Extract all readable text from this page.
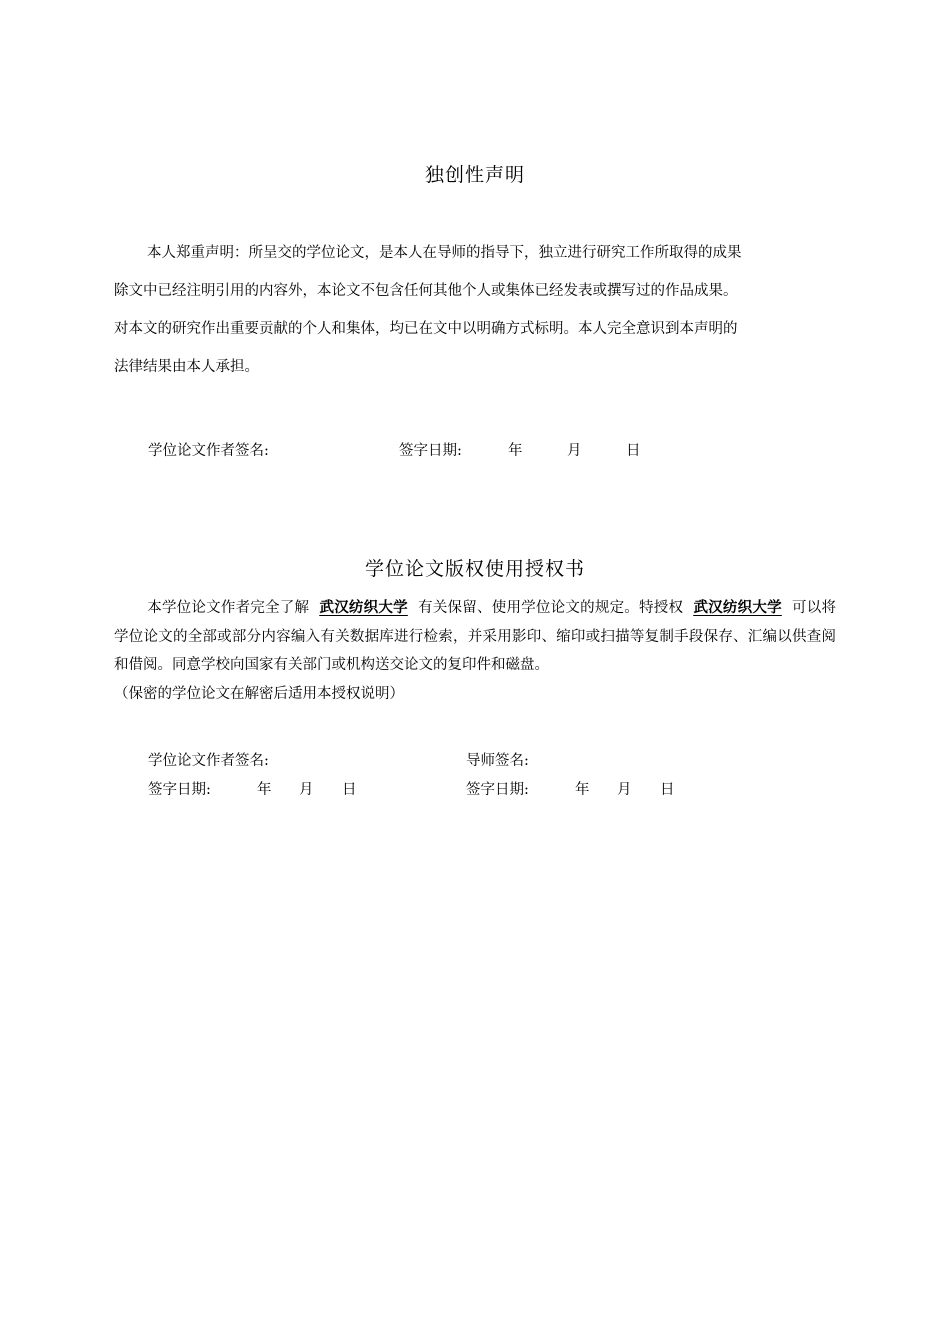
独创性声明
本人郑重声明：所呈交的学位论文，是本人在导师的指导下，独立进行研究工作所取得的成果
除文中已经注明引用的内容外，本论文不包含任何其他个人或集体已经发表或撰写过的作品成果。
对本文的研究作出重要贡献的个人和集体，均已在文中以明确方式标明。本人完全意识到本声明的
法律结果由本人承担。
学位论文作者签名:	签字日期:	年	月	日
学位论文版权使用授权书
本学位论文作者完全了解 武汉纺织大学 有关保留、使用学位论文的规定。特授权 武汉纺织大学 可以将学位论文的全部或部分内容编入有关数据库进行检索，并采用影印、缩印或扫描等复制手段保存、汇编以供查阅和借阅。同意学校向国家有关部门或机构送交论文的复印件和磁盘。
（保密的学位论文在解密后适用本授权说明）
学位论文作者签名:	导师签名:
签字日期:	年 月 日	签字日期:	年 月 日
